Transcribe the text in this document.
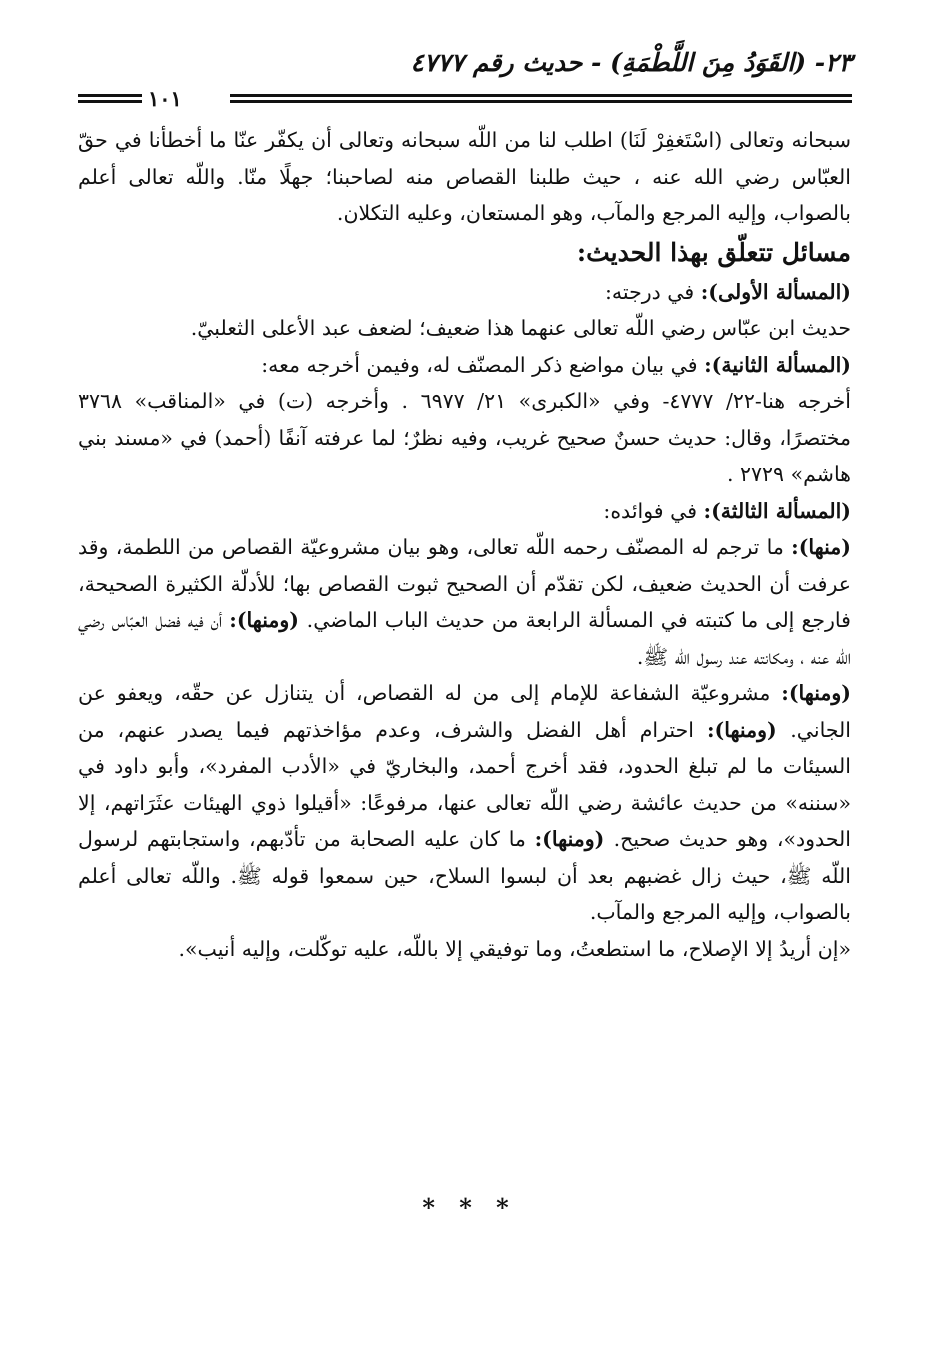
٢٣- (القَوَدُ مِنَ اللَّطْمَةِ) - حديث رقم ٤٧٧٧
١٠١

سبحانه وتعالى (اسْتَغفِرْ لَنَا) اطلب لنا من اللّه سبحانه وتعالى أن يكفّر عنّا ما أخطأنا في حقّ العبّاس رضي الله عنه ، حيث طلبنا القصاص منه لصاحبنا؛ جهلًا منّا. واللّه تعالى أعلم بالصواب، وإليه المرجع والمآب، وهو المستعان، وعليه التكلان.

مسائل تتعلّق بهذا الحديث:

(المسألة الأولى): في درجته:

حديث ابن عبّاس رضي اللّه تعالى عنهما هذا ضعيف؛ لضعف عبد الأعلى الثعلبيّ.

(المسألة الثانية): في بيان مواضع ذكر المصنّف له، وفيمن أخرجه معه:

أخرجه هنا-٢٢/ ٤٧٧٧- وفي «الكبرى» ٢١/ ٦٩٧٧ . وأخرجه (ت) في «المناقب» ٣٧٦٨ مختصرًا، وقال: حديث حسنٌ صحيح غريب، وفيه نظرٌ؛ لما عرفته آنفًا (أحمد) في «مسند بني هاشم» ٢٧٢٩ .

(المسألة الثالثة): في فوائده:

(منها): ما ترجم له المصنّف رحمه اللّه تعالى، وهو بيان مشروعيّة القصاص من اللطمة، وقد عرفت أن الحديث ضعيف، لكن تقدّم أن الصحيح ثبوت القصاص بها؛ للأدلّة الكثيرة الصحيحة، فارجع إلى ما كتبته في المسألة الرابعة من حديث الباب الماضي. (ومنها): أن فيه فضل العبّاس رضي الله عنه ، ومكانته عند رسول اللّه ﷺ.

(ومنها): مشروعيّة الشفاعة للإمام إلى من له القصاص، أن يتنازل عن حقّه، ويعفو عن الجاني. (ومنها): احترام أهل الفضل والشرف، وعدم مؤاخذتهم فيما يصدر عنهم، من السيئات ما لم تبلغ الحدود، فقد أخرج أحمد، والبخاريّ في «الأدب المفرد»، وأبو داود في «سننه» من حديث عائشة رضي اللّه تعالى عنها، مرفوعًا: «أقيلوا ذوي الهيئات عثَرَاتهم، إلا الحدود»، وهو حديث صحيح. (ومنها): ما كان عليه الصحابة من تأدّبهم، واستجابتهم لرسول اللّه ﷺ، حيث زال غضبهم بعد أن لبسوا السلاح، حين سمعوا قوله ﷺ. واللّه تعالى أعلم بالصواب، وإليه المرجع والمآب.

«إن أريدُ إلا الإصلاح، ما استطعتُ، وما توفيقي إلا باللّه، عليه توكّلت، وإليه أنيب».

* * *
